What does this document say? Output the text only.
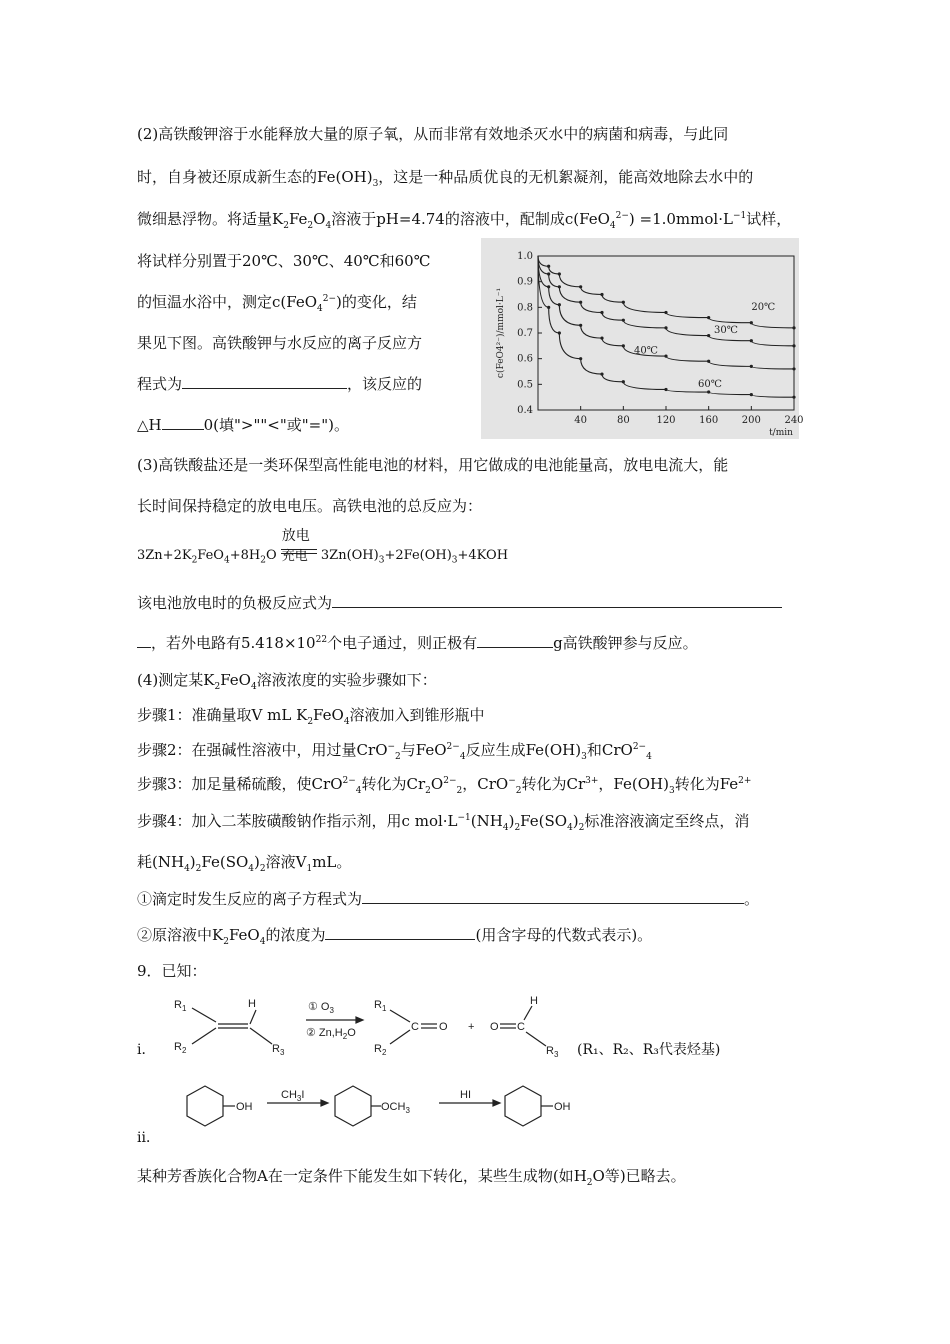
(2)高铁酸钾溶于水能释放大量的原子氧，从而非常有效地杀灭水中的病菌和病毒，与此同
时，自身被还原成新生态的$Fe(OH)_3$，这是一种品质优良的无机絮凝剂，能高效地除去水中的
微细悬浮物。将适量$K_2Fe_2O_4$溶液于pH=4.74的溶液中，配制成$c(FeO_4^{2-}) =1.0mmol\cdot L^{-1}$试样，
将试样分别置于20℃、30℃、40℃和60℃
的恒温水浴中，测定c(FeO$_4^{2-}$)的变化，结
果见下图。高铁酸钾与水反应的离子反应方
程式为	，该反应的
△H	0(填">""<"或"=")。
1.0
0.9
0.8
0.7
0.6
0.5
0.4
40	80	120 160 200 240
20℃
30℃
40℃
60℃
c(FeO4²⁻)/mmol·L⁻¹
t/min
(3)高铁酸盐还是一类环保型高性能电池的材料，用它做成的电池能量高，放电电流大，能
长时间保持稳定的放电电压。高铁电池的总反应为：
$3Zn+2K_2FeO_4+8H_2O$
放电
充电 $3Zn(OH)_3+2Fe(OH)_3+4KOH$
该电池放电时的负极反应式为
，若外电路有$5.418\times 10^{22}$个电子通过，则正极有	g高铁酸钾参与反应。
(4)测定某$K_2FeO_4$溶液浓度的实验步骤如下：
步骤1：准确量取V mL $K_2FeO_4$溶液加入到锥形瓶中
步骤2：在强碱性溶液中，用过量CrO−$_2$与FeO$^{2-}_4$反应生成$Fe(OH)_3$和CrO$^{2-}_4$
步骤3：加足量稀硫酸，使CrO$^{2-}_4$转化为$Cr_2O^{2-}_2$，CrO−$_2$转化为$Cr^{3+}$，$Fe(OH)_3$转化为$Fe^{2+}$
步骤4：加入二苯胺磺酸钠作指示剂，用c $mol\cdot L^{-1}(NH_4)_2Fe(SO_4)_2$标准溶液滴定至终点，消
耗$(NH_4)_2Fe(SO_4)_2$溶液$V_1mL$。
①滴定时发生反应的离子方程式为	。
②原溶液中$K_2FeO_4$的浓度为	(用含字母的代数式表示)。
9．已知：
i．	(R₁、R₂、R₃代表烃基)
$R_1$
$R_2$
H
$R_3$
① $O_3$
② $Zn,H_2O$
$R_1$
$R_2$
C O + O C
H
$R_3$
ii．
OH
$CH_3I$
$OCH_3$
HI
OH
某种芳香族化合物A在一定条件下能发生如下转化，某些生成物(如$H_2O$等)已略去。
